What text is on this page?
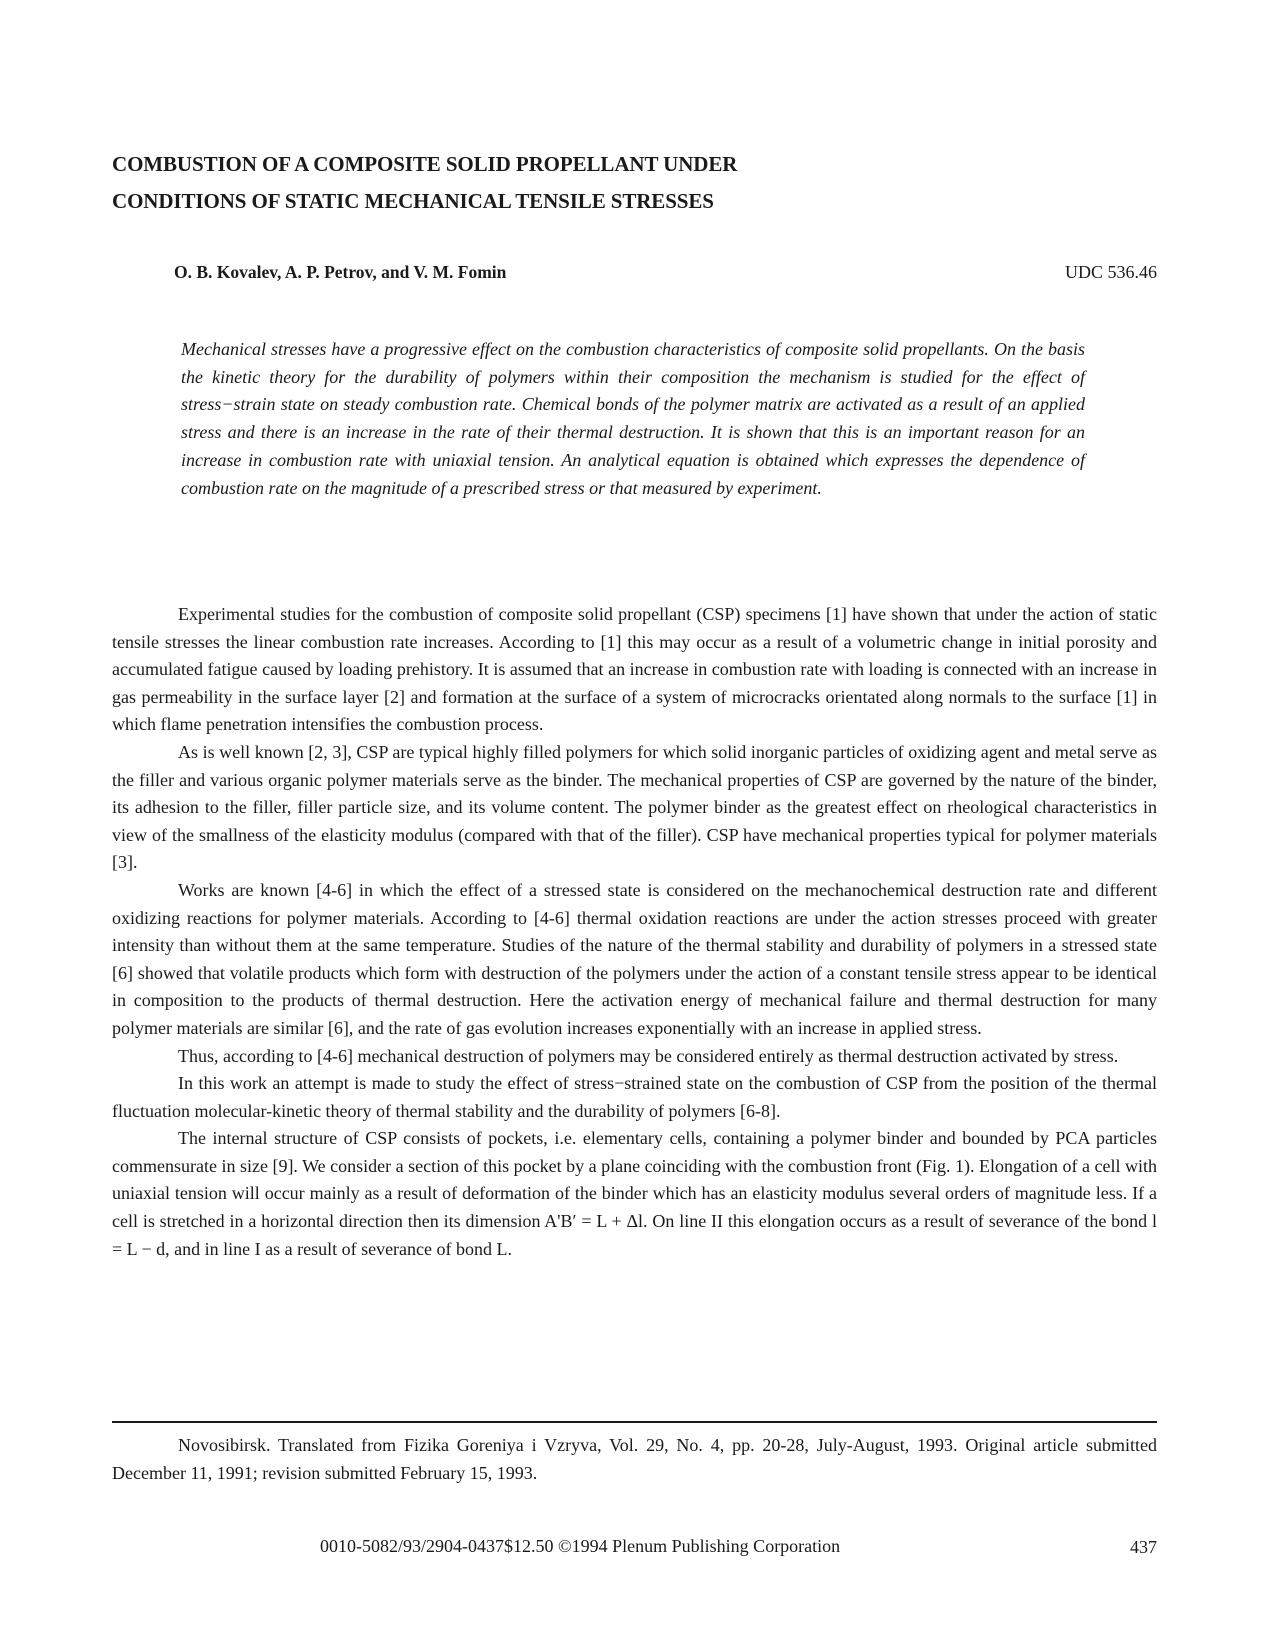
COMBUSTION OF A COMPOSITE SOLID PROPELLANT UNDER
CONDITIONS OF STATIC MECHANICAL TENSILE STRESSES
O. B. Kovalev, A. P. Petrov, and V. M. Fomin	UDC 536.46

Mechanical stresses have a progressive effect on the combustion characteristics of composite solid propellants. On the basis the kinetic theory for the durability of polymers within their composition the mechanism is studied for the effect of stress−strain state on steady combustion rate. Chemical bonds of the polymer matrix are activated as a result of an applied stress and there is an increase in the rate of their thermal destruction. It is shown that this is an important reason for an increase in combustion rate with uniaxial tension. An analytical equation is obtained which expresses the dependence of combustion rate on the magnitude of a prescribed stress or that measured by experiment.

Experimental studies for the combustion of composite solid propellant (CSP) specimens [1] have shown that under the action of static tensile stresses the linear combustion rate increases. According to [1] this may occur as a result of a volumetric change in initial porosity and accumulated fatigue caused by loading prehistory. It is assumed that an increase in combustion rate with loading is connected with an increase in gas permeability in the surface layer [2] and formation at the surface of a system of microcracks orientated along normals to the surface [1] in which flame penetration intensifies the combustion process.

As is well known [2, 3], CSP are typical highly filled polymers for which solid inorganic particles of oxidizing agent and metal serve as the filler and various organic polymer materials serve as the binder. The mechanical properties of CSP are governed by the nature of the binder, its adhesion to the filler, filler particle size, and its volume content. The polymer binder as the greatest effect on rheological characteristics in view of the smallness of the elasticity modulus (compared with that of the filler). CSP have mechanical properties typical for polymer materials [3].

Works are known [4-6] in which the effect of a stressed state is considered on the mechanochemical destruction rate and different oxidizing reactions for polymer materials. According to [4-6] thermal oxidation reactions are under the action stresses proceed with greater intensity than without them at the same temperature. Studies of the nature of the thermal stability and durability of polymers in a stressed state [6] showed that volatile products which form with destruction of the polymers under the action of a constant tensile stress appear to be identical in composition to the products of thermal destruction. Here the activation energy of mechanical failure and thermal destruction for many polymer materials are similar [6], and the rate of gas evolution increases exponentially with an increase in applied stress.

Thus, according to [4-6] mechanical destruction of polymers may be considered entirely as thermal destruction activated by stress.

In this work an attempt is made to study the effect of stress−strained state on the combustion of CSP from the position of the thermal fluctuation molecular-kinetic theory of thermal stability and the durability of polymers [6-8].

The internal structure of CSP consists of pockets, i.e. elementary cells, containing a polymer binder and bounded by PCA particles commensurate in size [9]. We consider a section of this pocket by a plane coinciding with the combustion front (Fig. 1). Elongation of a cell with uniaxial tension will occur mainly as a result of deformation of the binder which has an elasticity modulus several orders of magnitude less. If a cell is stretched in a horizontal direction then its dimension A'B′ = L + Δl. On line II this elongation occurs as a result of severance of the bond l = L − d, and in line I as a result of severance of bond L.

Novosibirsk. Translated from Fizika Goreniya i Vzryva, Vol. 29, No. 4, pp. 20-28, July-August, 1993. Original article submitted December 11, 1991; revision submitted February 15, 1993.

0010-5082/93/2904-0437$12.50 ©1994 Plenum Publishing Corporation	437
